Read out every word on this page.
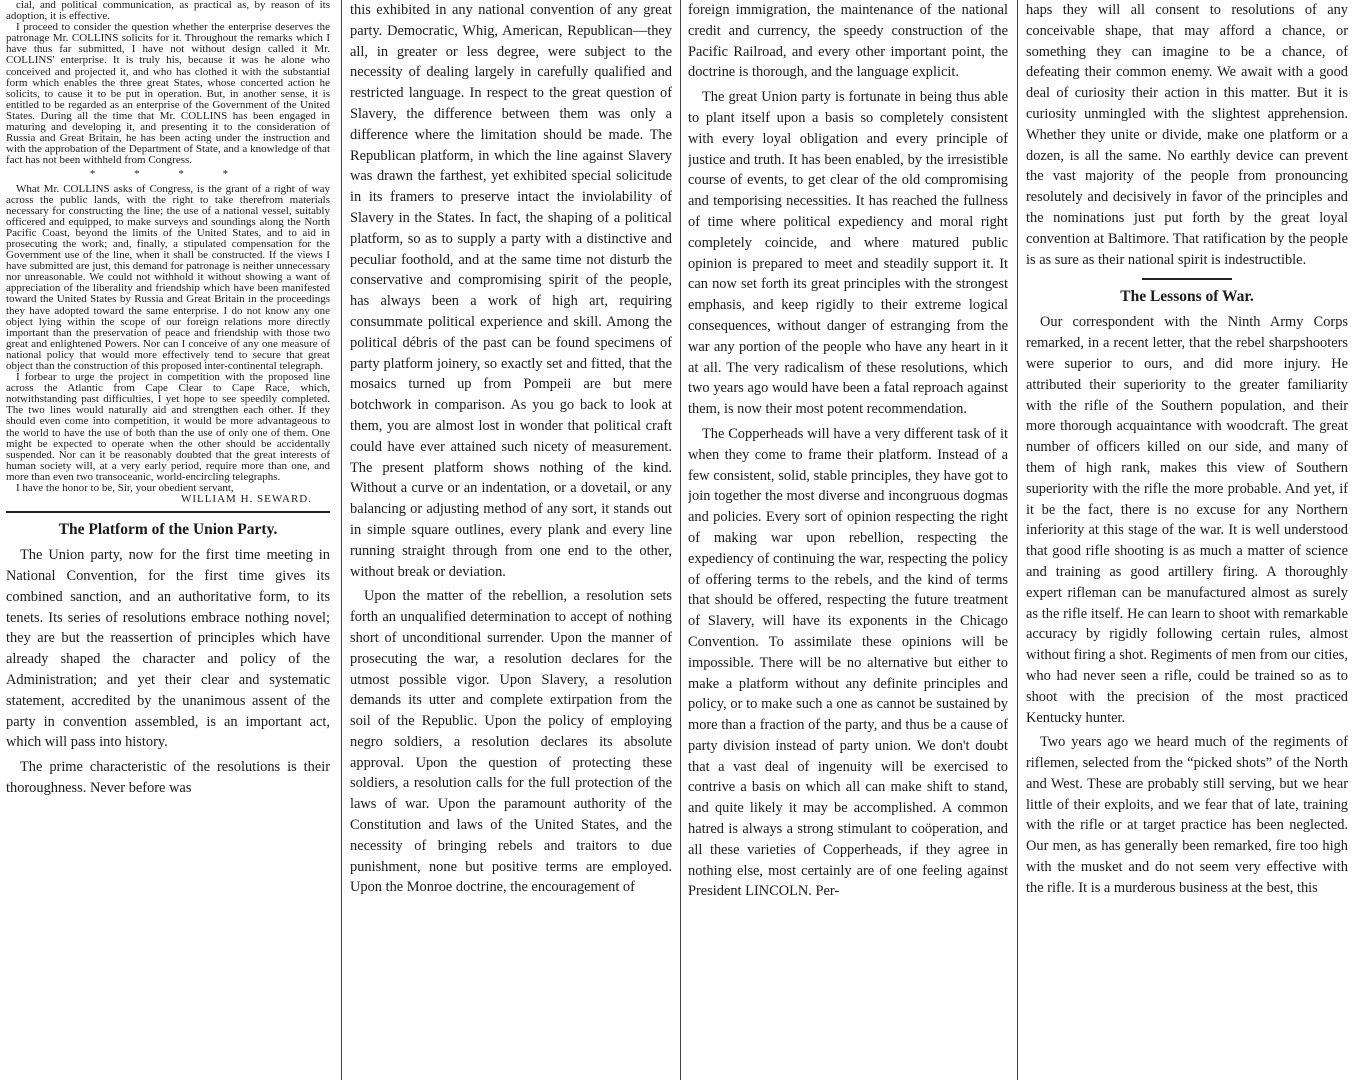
cial, and political communication, as practical as, by reason of its adoption, it is effective.

I proceed to consider the question whether the enterprise deserves the patronage Mr. COLLINS solicits for it. Throughout the remarks which I have thus far submitted, I have not without design called it Mr. COLLINS' enterprise. It is truly his, because it was he alone who conceived and projected it, and who has clothed it with the substantial form which enables the three great States, whose concerted action he solicits, to cause it to be put in operation. But, in another sense, it is entitled to be regarded as an enterprise of the Government of the United States. During all the time that Mr. COLLINS has been engaged in maturing and developing it, and presenting it to the consideration of Russia and Great Britain, he has been acting under the instruction and with the approbation of the Department of State, and a knowledge of that fact has not been withheld from Congress.

* * * *

What Mr. COLLINS asks of Congress, is the grant of a right of way across the public lands, with the right to take therefrom materials necessary for constructing the line; the use of a national vessel, suitably officered and equipped, to make surveys and soundings along the North Pacific Coast, beyond the limits of the United States, and to aid in prosecuting the work; and, finally, a stipulated compensation for the Government use of the line, when it shall be constructed. If the views I have submitted are just, this demand for patronage is neither unnecessary nor unreasonable. We could not withhold it without showing a want of appreciation of the liberality and friendship which have been manifested toward the United States by Russia and Great Britain in the proceedings they have adopted toward the same enterprise. I do not know any one object lying within the scope of our foreign relations more directly important than the preservation of peace and friendship with those two great and enlightened Powers. Nor can I conceive of any one measure of national policy that would more effectively tend to secure that great object than the construction of this proposed inter-continental telegraph.

I forbear to urge the project in competition with the proposed line across the Atlantic from Cape Clear to Cape Race, which, notwithstanding past difficulties, I yet hope to see speedily completed. The two lines would naturally aid and strengthen each other. If they should even come into competition, it would be more advantageous to the world to have the use of both than the use of only one of them. One might be expected to operate when the other should be accidentally suspended. Nor can it be reasonably doubted that the great interests of human society will, at a very early period, require more than one, and more than even two transoceanic, world-encircling telegraphs.

I have the honor to be, Sir, your obedient servant,

WILLIAM H. SEWARD.

The Platform of the Union Party.

The Union party, now for the first time meeting in National Convention, for the first time gives its combined sanction, and an authoritative form, to its tenets. Its series of resolutions embrace nothing novel; they are but the reassertion of principles which have already shaped the character and policy of the Administration; and yet their clear and systematic statement, accredited by the unanimous assent of the party in convention assembled, is an important act, which will pass into history.

The prime characteristic of the resolutions is their thoroughness. Never before was

this exhibited in any national convention of any great party. Democratic, Whig, American, Republican—they all, in greater or less degree, were subject to the necessity of dealing largely in carefully qualified and restricted language. In respect to the great question of Slavery, the difference between them was only a difference where the limitation should be made. The Republican platform, in which the line against Slavery was drawn the farthest, yet exhibited special solicitude in its framers to preserve intact the inviolability of Slavery in the States. In fact, the shaping of a political platform, so as to supply a party with a distinctive and peculiar foothold, and at the same time not disturb the conservative and compromising spirit of the people, has always been a work of high art, requiring consummate political experience and skill. Among the political débris of the past can be found specimens of party platform joinery, so exactly set and fitted, that the mosaics turned up from Pompeii are but mere botchwork in comparison. As you go back to look at them, you are almost lost in wonder that political craft could have ever attained such nicety of measurement. The present platform shows nothing of the kind. Without a curve or an indentation, or a dovetail, or any balancing or adjusting method of any sort, it stands out in simple square outlines, every plank and every line running straight through from one end to the other, without break or deviation.

Upon the matter of the rebellion, a resolution sets forth an unqualified determination to accept of nothing short of unconditional surrender. Upon the manner of prosecuting the war, a resolution declares for the utmost possible vigor. Upon Slavery, a resolution demands its utter and complete extirpation from the soil of the Republic. Upon the policy of employing negro soldiers, a resolution declares its absolute approval. Upon the question of protecting these soldiers, a resolution calls for the full protection of the laws of war. Upon the paramount authority of the Constitution and laws of the United States, and the necessity of bringing rebels and traitors to due punishment, none but positive terms are employed. Upon the Monroe doctrine, the encouragement of

foreign immigration, the maintenance of the national credit and currency, the speedy construction of the Pacific Railroad, and every other important point, the doctrine is thorough, and the language explicit.

The great Union party is fortunate in being thus able to plant itself upon a basis so completely consistent with every loyal obligation and every principle of justice and truth. It has been enabled, by the irresistible course of events, to get clear of the old compromising and temporising necessities. It has reached the fullness of time where political expediency and moral right completely coincide, and where matured public opinion is prepared to meet and steadily support it. It can now set forth its great principles with the strongest emphasis, and keep rigidly to their extreme logical consequences, without danger of estranging from the war any portion of the people who have any heart in it at all. The very radicalism of these resolutions, which two years ago would have been a fatal reproach against them, is now their most potent recommendation.

The Copperheads will have a very different task of it when they come to frame their platform. Instead of a few consistent, solid, stable principles, they have got to join together the most diverse and incongruous dogmas and policies. Every sort of opinion respecting the right of making war upon rebellion, respecting the expediency of continuing the war, respecting the policy of offering terms to the rebels, and the kind of terms that should be offered, respecting the future treatment of Slavery, will have its exponents in the Chicago Convention. To assimilate these opinions will be impossible. There will be no alternative but either to make a platform without any definite principles and policy, or to make such a one as cannot be sustained by more than a fraction of the party, and thus be a cause of party division instead of party union. We don't doubt that a vast deal of ingenuity will be exercised to contrive a basis on which all can make shift to stand, and quite likely it may be accomplished. A common hatred is always a strong stimulant to coöperation, and all these varieties of Copperheads, if they agree in nothing else, most certainly are of one feeling against President LINCOLN. Per-

haps they will all consent to resolutions of any conceivable shape, that may afford a chance, or something they can imagine to be a chance, of defeating their common enemy. We await with a good deal of curiosity their action in this matter. But it is curiosity unmingled with the slightest apprehension. Whether they unite or divide, make one platform or a dozen, is all the same. No earthly device can prevent the vast majority of the people from pronouncing resolutely and decisively in favor of the principles and the nominations just put forth by the great loyal convention at Baltimore. That ratification by the people is as sure as their national spirit is indestructible.

The Lessons of War.

Our correspondent with the Ninth Army Corps remarked, in a recent letter, that the rebel sharpshooters were superior to ours, and did more injury. He attributed their superiority to the greater familiarity with the rifle of the Southern population, and their more thorough acquaintance with woodcraft. The great number of officers killed on our side, and many of them of high rank, makes this view of Southern superiority with the rifle the more probable. And yet, if it be the fact, there is no excuse for any Northern inferiority at this stage of the war. It is well understood that good rifle shooting is as much a matter of science and training as good artillery firing. A thoroughly expert rifleman can be manufactured almost as surely as the rifle itself. He can learn to shoot with remarkable accuracy by rigidly following certain rules, almost without firing a shot. Regiments of men from our cities, who had never seen a rifle, could be trained so as to shoot with the precision of the most practiced Kentucky hunter.

Two years ago we heard much of the regiments of riflemen, selected from the “picked shots” of the North and West. These are probably still serving, but we hear little of their exploits, and we fear that of late, training with the rifle or at target practice has been neglected. Our men, as has generally been remarked, fire too high with the musket and do not seem very effective with the rifle. It is a murderous business at the best, this
